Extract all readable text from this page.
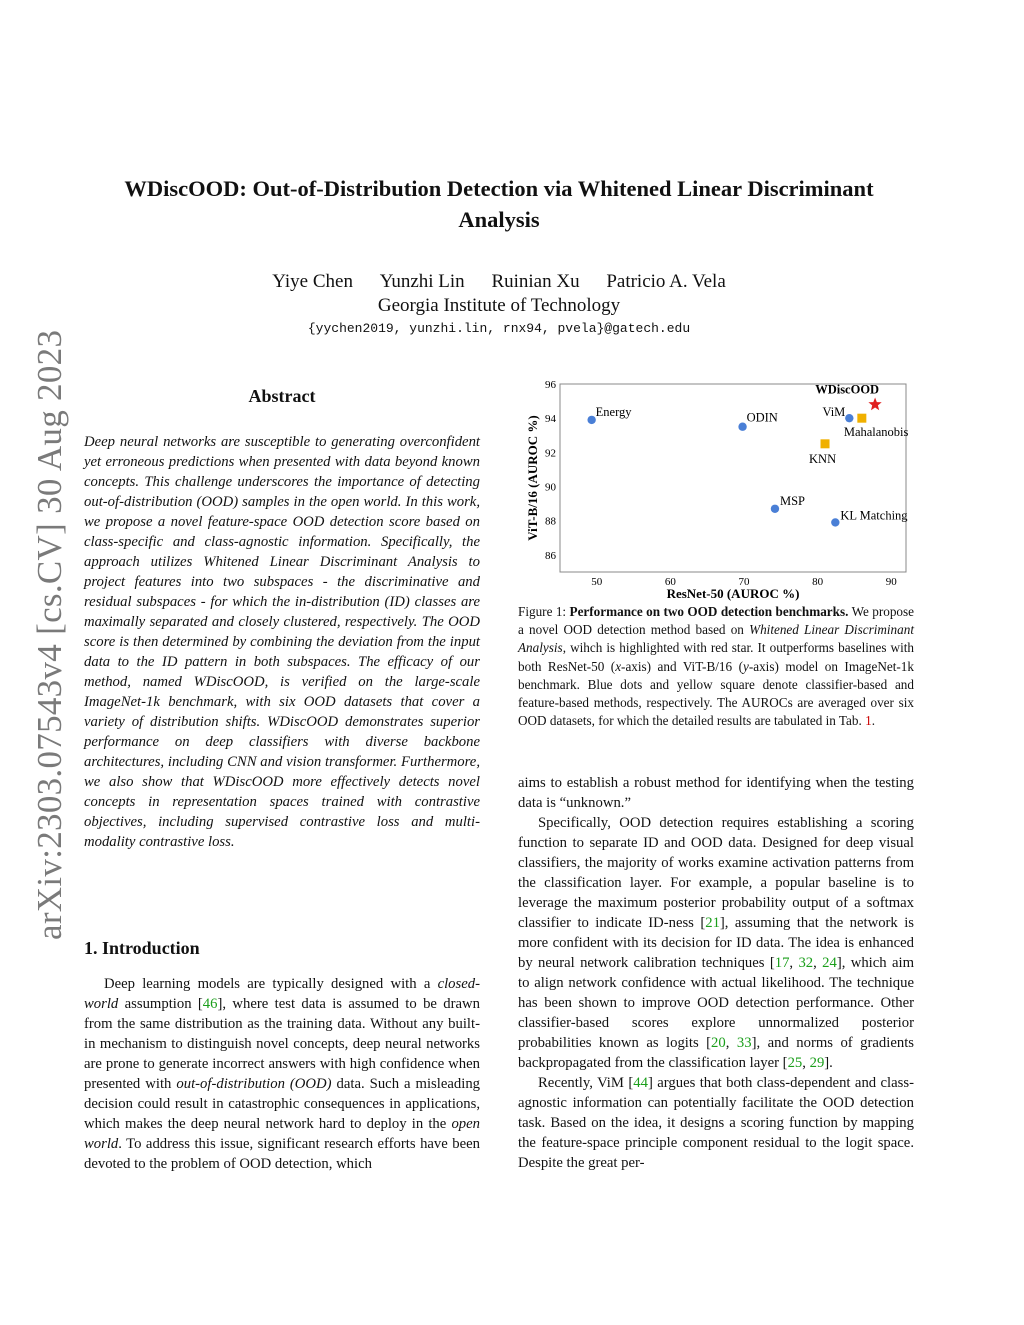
arXiv:2303.07543v4 [cs.CV] 30 Aug 2023
WDiscOOD: Out-of-Distribution Detection via Whitened Linear Discriminant Analysis
Yiye Chen Yunzhi Lin Ruinian Xu Patricio A. Vela
Georgia Institute of Technology
{yychen2019, yunzhi.lin, rnx94, pvela}@gatech.edu
Abstract
Deep neural networks are susceptible to generating overconfident yet erroneous predictions when presented with data beyond known concepts. This challenge underscores the importance of detecting out-of-distribution (OOD) samples in the open world. In this work, we propose a novel feature-space OOD detection score based on class-specific and class-agnostic information. Specifically, the approach utilizes Whitened Linear Discriminant Analysis to project features into two subspaces - the discriminative and residual subspaces - for which the in-distribution (ID) classes are maximally separated and closely clustered, respectively. The OOD score is then determined by combining the deviation from the input data to the ID pattern in both subspaces. The efficacy of our method, named WDiscOOD, is verified on the large-scale ImageNet-1k benchmark, with six OOD datasets that cover a variety of distribution shifts. WDiscOOD demonstrates superior performance on deep classifiers with diverse backbone architectures, including CNN and vision transformer. Furthermore, we also show that WDiscOOD more effectively detects novel concepts in representation spaces trained with contrastive objectives, including supervised contrastive loss and multi-modality contrastive loss.
1. Introduction

Deep learning models are typically designed with a closed-world assumption [46], where test data is assumed to be drawn from the same distribution as the training data. Without any built-in mechanism to distinguish novel concepts, deep neural networks are prone to generate incorrect answers with high confidence when presented with out-of-distribution (OOD) data. Such a misleading decision could result in catastrophic consequences in applications, which makes the deep neural network hard to deploy in the open world. To address this issue, significant research efforts have been devoted to the problem of OOD detection, which

50	60	70	80	90
86
88
90
92
94
96
Energy	ODIN	ViM
Mahalanobis
KNN
MSP
KL Matching
WDiscOOD
ResNet-50 (AUROC %)
ViT-B/16 (AUROC %)
Figure 1: Performance on two OOD detection benchmarks. We propose a novel OOD detection method based on Whitened Linear Discriminant Analysis, wihch is highlighted with red star. It outperforms baselines with both ResNet-50 (x-axis) and ViT-B/16 (y-axis) model on ImageNet-1k benchmark. Blue dots and yellow square denote classifier-based and feature-based methods, respectively. The AUROCs are averaged over six OOD datasets, for which the detailed results are tabulated in Tab. 1.

aims to establish a robust method for identifying when the testing data is “unknown.”

Specifically, OOD detection requires establishing a scoring function to separate ID and OOD data. Designed for deep visual classifiers, the majority of works examine activation patterns from the classification layer. For example, a popular baseline is to leverage the maximum posterior probability output of a softmax classifier to indicate ID-ness [21], assuming that the network is more confident with its decision for ID data. The idea is enhanced by neural network calibration techniques [17, 32, 24], which aim to align network confidence with actual likelihood. The technique has been shown to improve OOD detection performance. Other classifier-based scores explore unnormalized posterior probabilities known as logits [20, 33], and norms of gradients backpropagated from the classification layer [25, 29].

Recently, ViM [44] argues that both class-dependent and class-agnostic information can potentially facilitate the OOD detection task. Based on the idea, it designs a scoring function by mapping the feature-space principle component residual to the logit space. Despite the great per-
